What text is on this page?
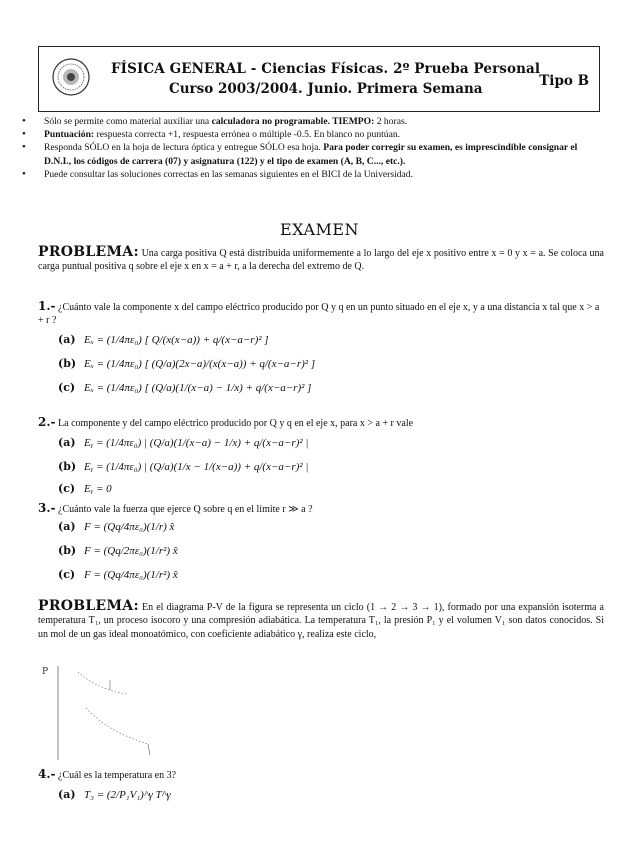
FÍSICA GENERAL - Ciencias Físicas. 2º Prueba Personal
Curso 2003/2004. Junio. Primera Semana	Tipo B
• Sólo se permite como material auxiliar una calculadora no programable. TIEMPO: 2 horas.
• Puntuación: respuesta correcta +1, respuesta errónea o múltiple -0.5. En blanco no puntúan.
• Responda SÓLO en la hoja de lectura óptica y entregue SÓLO esa hoja. Para poder corregir su examen, es imprescindible consignar el D.N.I., los códigos de carrera (07) y asignatura (122) y el tipo de examen (A, B, C..., etc.).
• Puede consultar las soluciones correctas en las semanas siguientes en el BICI de la Universidad.
EXAMEN
PROBLEMA: Una carga positiva Q está distribuida uniformemente a lo largo del eje x positivo entre x = 0 y x = a. Se coloca una carga puntual positiva q sobre el eje x en x = a + r, a la derecha del extremo de Q.
1.- ¿Cuánto vale la componente x del campo eléctrico producido por Q y q en un punto situado en el eje x, y a una distancia x tal que x > a + r ?
(a) Eₓ = (1/4πε₀) [ Q/(x(x−a)) + q/(x−a−r)² ]
(b) Eₓ = (1/4πε₀) [ (Q/a)(2x−a)/(x(x−a)) + q/(x−a−r)² ]
(c) Eₓ = (1/4πε₀) [ (Q/a)(1/(x−a) − 1/x) + q/(x−a−r)² ]
2.- La componente y del campo eléctrico producido por Q y q en el eje x, para x > a + r vale
(a) Eᵧ = (1/4πε₀) | (Q/a)(1/(x−a) − 1/x) + q/(x−a−r)² |
(b) Eᵧ = (1/4πε₀) | (Q/a)(1/x − 1/(x−a)) + q/(x−a−r)² |
(c) Eᵧ = 0
3.- ¿Cuánto vale la fuerza que ejerce Q sobre q en el límite r ≫ a ?
(a) F = (Qq/4πε₀)(1/r) x̂
(b) F = (Qq/2πε₀)(1/r²) x̂
(c) F = (Qq/4πε₀)(1/r²) x̂
PROBLEMA: En el diagrama P-V de la figura se representa un ciclo (1 → 2 → 3 → 1), formado por una expansión isoterma a temperatura T₁, un proceso isocoro y una compresión adiabática. La temperatura T₁, la presión P₁ y el volumen V₁ son datos conocidos. Si un mol de un gas ideal monoatómico, con coeficiente adiabático γ, realiza este ciclo,
P
4.- ¿Cuál es la temperatura en 3?
(a) T₃ = (2/P₁V₁)^γ T^γ
